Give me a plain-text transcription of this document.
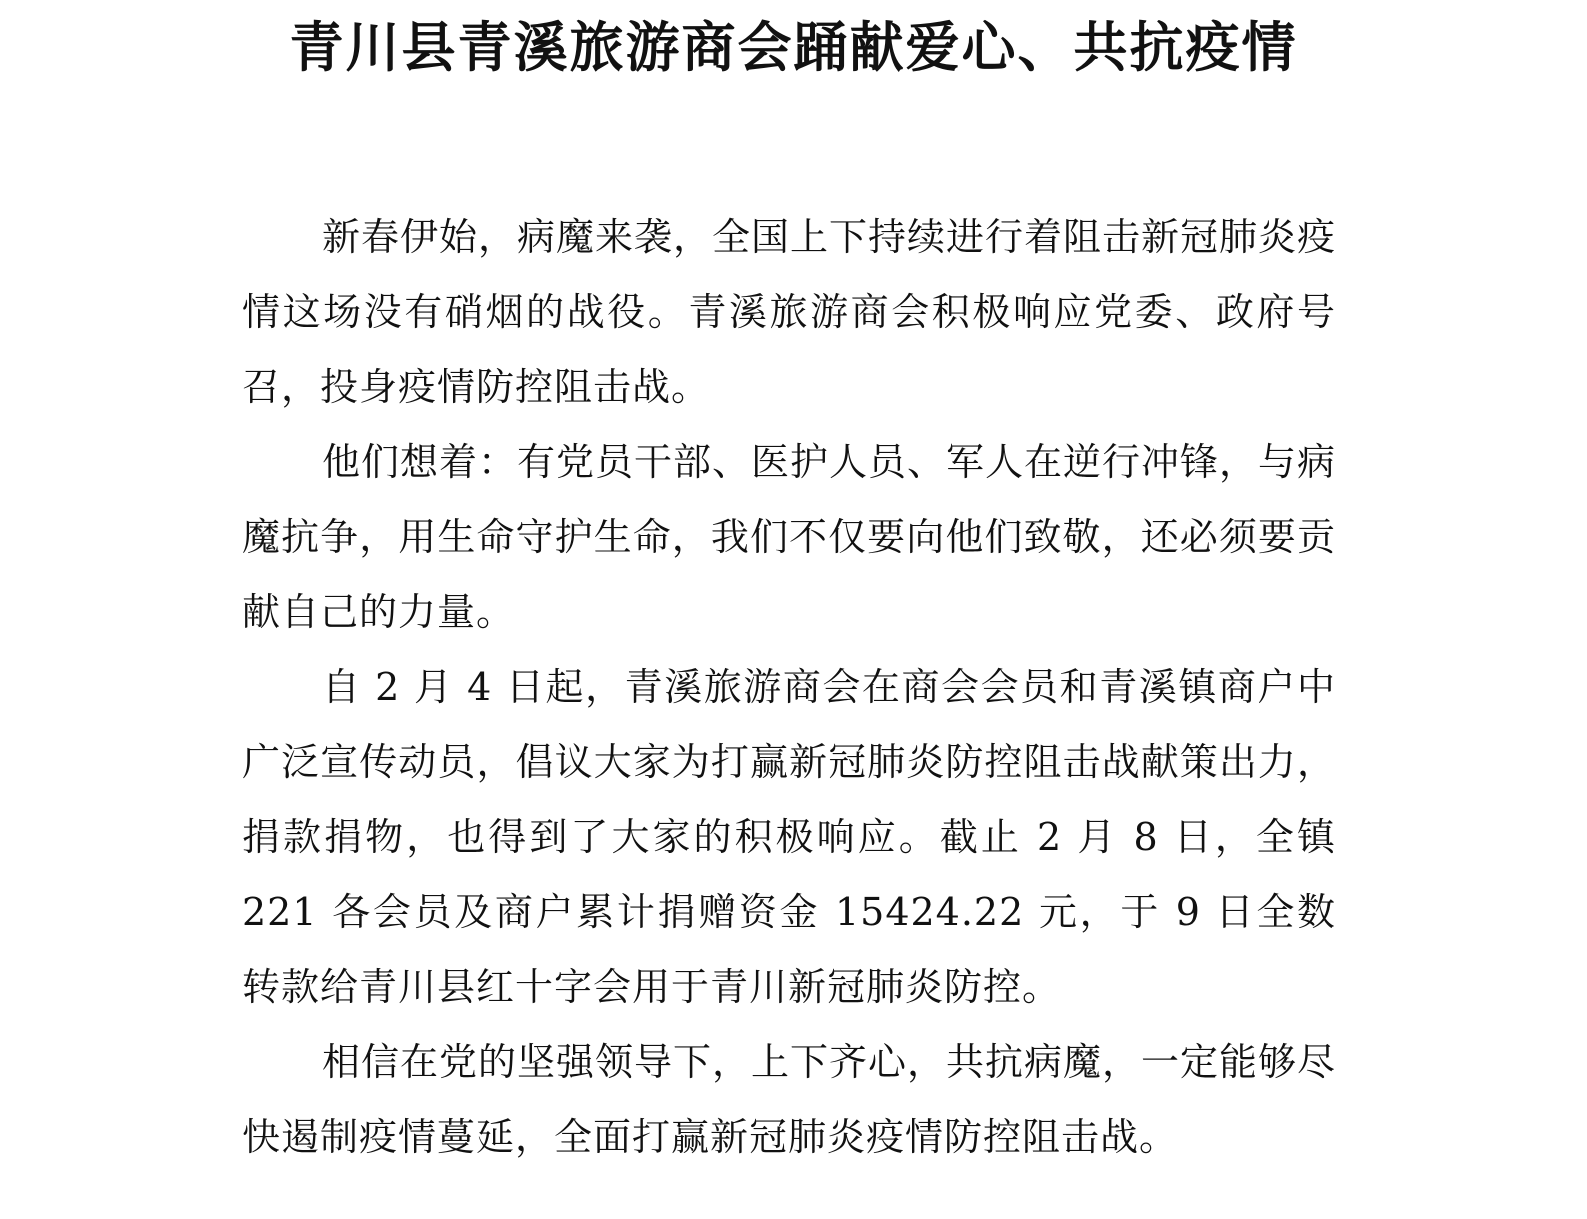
青川县青溪旅游商会踊献爱心、共抗疫情

新春伊始，病魔来袭，全国上下持续进行着阻击新冠肺炎疫情这场没有硝烟的战役。青溪旅游商会积极响应党委、政府号召，投身疫情防控阻击战。

他们想着：有党员干部、医护人员、军人在逆行冲锋，与病魔抗争，用生命守护生命，我们不仅要向他们致敬，还必须要贡献自己的力量。

自 2 月 4 日起，青溪旅游商会在商会会员和青溪镇商户中广泛宣传动员，倡议大家为打赢新冠肺炎防控阻击战献策出力，捐款捐物，也得到了大家的积极响应。截止 2 月 8 日，全镇 221 各会员及商户累计捐赠资金 15424.22 元，于 9 日全数转款给青川县红十字会用于青川新冠肺炎防控。

相信在党的坚强领导下，上下齐心，共抗病魔，一定能够尽快遏制疫情蔓延，全面打赢新冠肺炎疫情防控阻击战。
